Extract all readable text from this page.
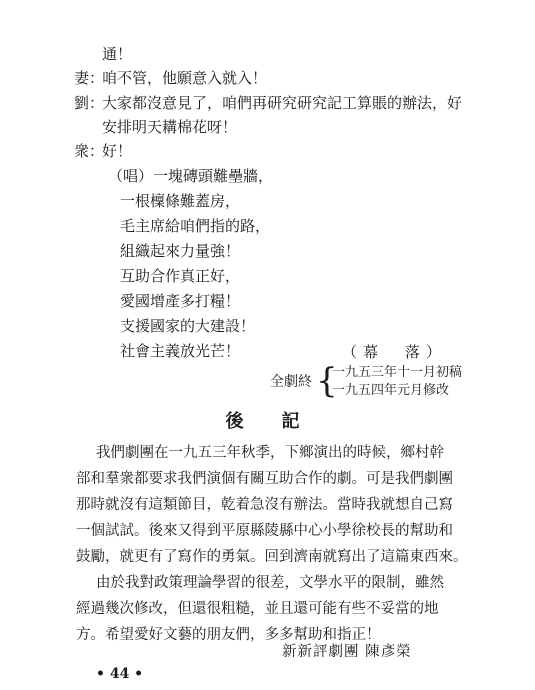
通！
妻：咱不管，他願意入就入！
劉：大家都沒意見了，咱們再研究研究記工算賬的辦法，好
安排明天耩棉花呀！
衆：好！
（唱）一塊磚頭難壘牆，
一根檁條難蓋房，
毛主席給咱們指的路，
組織起來力量強！
互助合作真正好，
愛國增產多打糧！
支援國家的大建設！
社會主義放光芒！	（幕　落）
全劇終 {
一九五三年十一月初稿
一九五四年元月修改
後　記
我們劇團在一九五三年秋季，下鄉演出的時候，鄉村幹
部和羣衆都要求我們演個有關互助合作的劇。可是我們劇團
那時就沒有這類節目，乾着急沒有辦法。當時我就想自己寫
一個試試。後來又得到平原縣陵縣中心小學徐校長的幫助和
鼓勵，就更有了寫作的勇氣。回到濟南就寫出了這篇東西來。
由於我對政策理論學習的很差，文學水平的限制，雖然
經過幾次修改，但還很粗糙，並且還可能有些不妥當的地
方。希望愛好文藝的朋友們，多多幫助和指正！
新新評劇團 陳彥榮
• 44 •
